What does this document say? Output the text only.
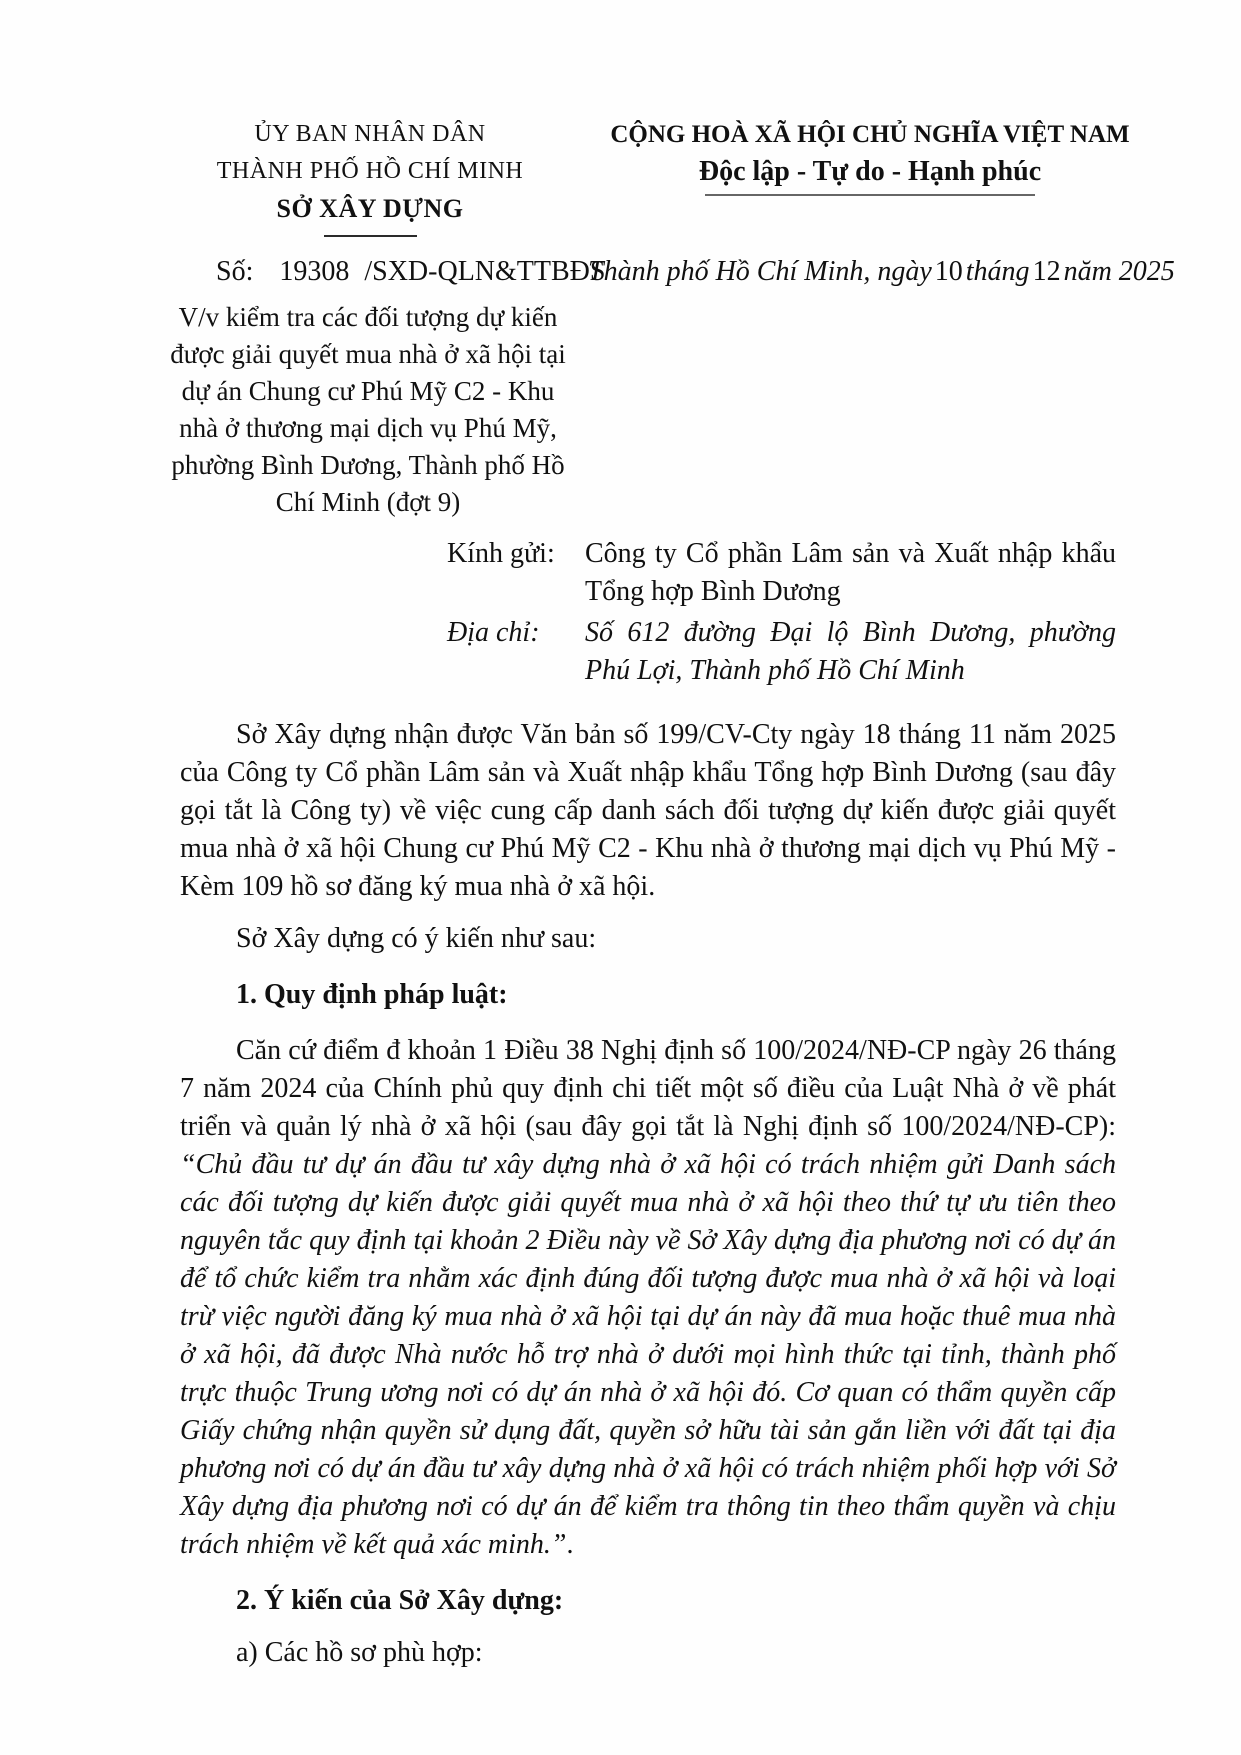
ỦY BAN NHÂN DÂN
THÀNH PHỐ HỒ CHÍ MINH
SỞ XÂY DỰNG
CỘNG HOÀ XÃ HỘI CHỦ NGHĨA VIỆT NAM
Độc lập - Tự do - Hạnh phúc
Số: 19308 /SXD-QLN&TTBĐS
Thành phố Hồ Chí Minh, ngày 10 tháng 12 năm 2025
V/v kiểm tra các đối tượng dự kiến được giải quyết mua nhà ở xã hội tại dự án Chung cư Phú Mỹ C2 - Khu nhà ở thương mại dịch vụ Phú Mỹ, phường Bình Dương, Thành phố Hồ Chí Minh (đợt 9)
Kính gửi:	Công ty Cổ phần Lâm sản và Xuất nhập khẩu Tổng hợp Bình Dương
Địa chỉ:	Số 612 đường Đại lộ Bình Dương, phường Phú Lợi, Thành phố Hồ Chí Minh

Sở Xây dựng nhận được Văn bản số 199/CV-Cty ngày 18 tháng 11 năm 2025 của Công ty Cổ phần Lâm sản và Xuất nhập khẩu Tổng hợp Bình Dương (sau đây gọi tắt là Công ty) về việc cung cấp danh sách đối tượng dự kiến được giải quyết mua nhà ở xã hội Chung cư Phú Mỹ C2 - Khu nhà ở thương mại dịch vụ Phú Mỹ - Kèm 109 hồ sơ đăng ký mua nhà ở xã hội.

Sở Xây dựng có ý kiến như sau:

1. Quy định pháp luật:

Căn cứ điểm đ khoản 1 Điều 38 Nghị định số 100/2024/NĐ-CP ngày 26 tháng 7 năm 2024 của Chính phủ quy định chi tiết một số điều của Luật Nhà ở về phát triển và quản lý nhà ở xã hội (sau đây gọi tắt là Nghị định số 100/2024/NĐ-CP): “Chủ đầu tư dự án đầu tư xây dựng nhà ở xã hội có trách nhiệm gửi Danh sách các đối tượng dự kiến được giải quyết mua nhà ở xã hội theo thứ tự ưu tiên theo nguyên tắc quy định tại khoản 2 Điều này về Sở Xây dựng địa phương nơi có dự án để tổ chức kiểm tra nhằm xác định đúng đối tượng được mua nhà ở xã hội và loại trừ việc người đăng ký mua nhà ở xã hội tại dự án này đã mua hoặc thuê mua nhà ở xã hội, đã được Nhà nước hỗ trợ nhà ở dưới mọi hình thức tại tỉnh, thành phố trực thuộc Trung ương nơi có dự án nhà ở xã hội đó. Cơ quan có thẩm quyền cấp Giấy chứng nhận quyền sử dụng đất, quyền sở hữu tài sản gắn liền với đất tại địa phương nơi có dự án đầu tư xây dựng nhà ở xã hội có trách nhiệm phối hợp với Sở Xây dựng địa phương nơi có dự án để kiểm tra thông tin theo thẩm quyền và chịu trách nhiệm về kết quả xác minh.”.

2. Ý kiến của Sở Xây dựng:

a) Các hồ sơ phù hợp:
